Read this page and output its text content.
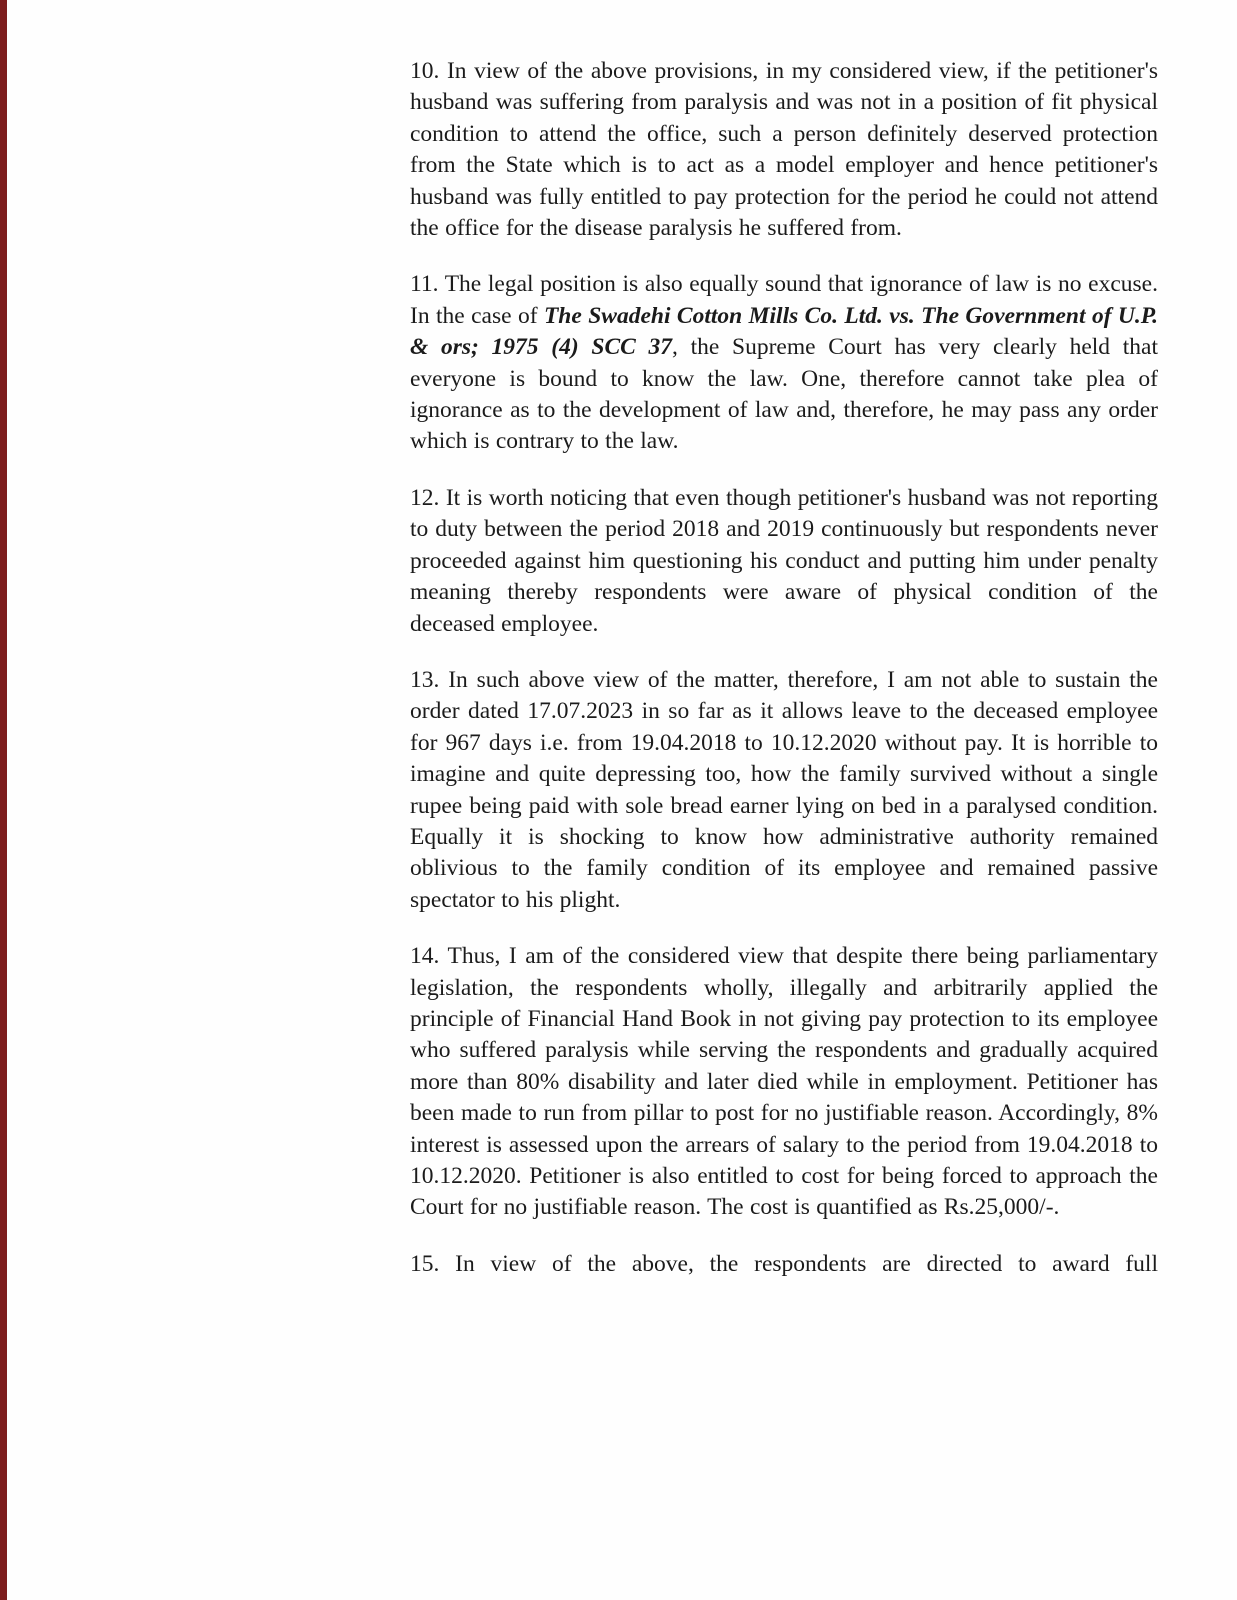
10. In view of the above provisions, in my considered view, if the petitioner's husband was suffering from paralysis and was not in a position of fit physical condition to attend the office, such a person definitely deserved protection from the State which is to act as a model employer and hence petitioner's husband was fully entitled to pay protection for the period he could not attend the office for the disease paralysis he suffered from.

11. The legal position is also equally sound that ignorance of law is no excuse. In the case of The Swadehi Cotton Mills Co. Ltd. vs. The Government of U.P. & ors; 1975 (4) SCC 37, the Supreme Court has very clearly held that everyone is bound to know the law. One, therefore cannot take plea of ignorance as to the development of law and, therefore, he may pass any order which is contrary to the law.

12. It is worth noticing that even though petitioner's husband was not reporting to duty between the period 2018 and 2019 continuously but respondents never proceeded against him questioning his conduct and putting him under penalty meaning thereby respondents were aware of physical condition of the deceased employee.

13. In such above view of the matter, therefore, I am not able to sustain the order dated 17.07.2023 in so far as it allows leave to the deceased employee for 967 days i.e. from 19.04.2018 to 10.12.2020 without pay. It is horrible to imagine and quite depressing too, how the family survived without a single rupee being paid with sole bread earner lying on bed in a paralysed condition. Equally it is shocking to know how administrative authority remained oblivious to the family condition of its employee and remained passive spectator to his plight.

14. Thus, I am of the considered view that despite there being parliamentary legislation, the respondents wholly, illegally and arbitrarily applied the principle of Financial Hand Book in not giving pay protection to its employee who suffered paralysis while serving the respondents and gradually acquired more than 80% disability and later died while in employment. Petitioner has been made to run from pillar to post for no justifiable reason. Accordingly, 8% interest is assessed upon the arrears of salary to the period from 19.04.2018 to 10.12.2020. Petitioner is also entitled to cost for being forced to approach the Court for no justifiable reason. The cost is quantified as Rs.25,000/-.

15. In view of the above, the respondents are directed to award full
